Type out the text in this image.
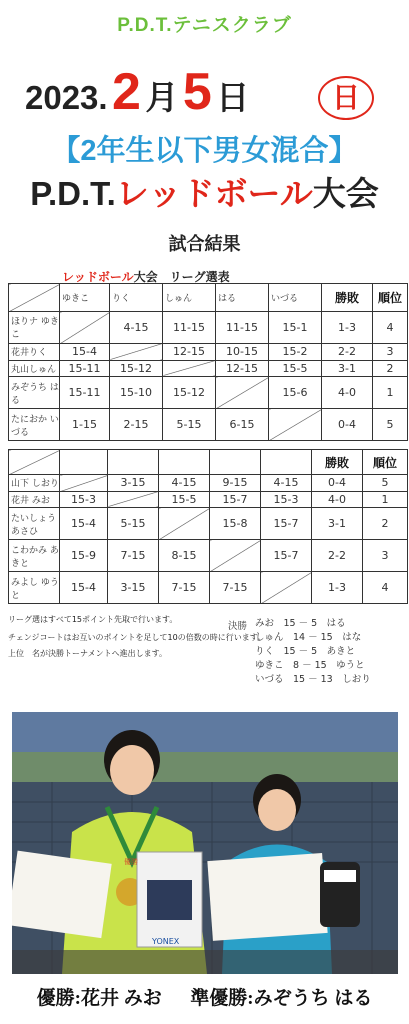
P.D.T.テニスクラブ
2023. 2 月 5 日	日
【2年生以下男女混合】
P.D.T.レッドボール大会
試合結果
レッドボール大会　リーグ選表
	ゆきこ	りく	しゅん	はる	いづる	勝敗	順位
ほりナ ゆきこ		4-15	11-15	11-15	15-1	1-3	4
花井りく	15-4		12-15	10-15	15-2	2-2	3
丸山しゅん	15-11	15-12		12-15	15-5	3-1	2
みぞうち はる	15-11	15-10	15-12		15-6	4-0	1
たにおか いづる	1-15	2-15	5-15	6-15		0-4	5
						勝敗	順位
山下 しおり		3-15	4-15	9-15	4-15	0-4	5
花井 みお	15-3		15-5	15-7	15-3	4-0	1
たいしょうあさひ	15-4	5-15		15-8	15-7	3-1	2
こわかみ あきと	15-9	7-15	8-15		15-7	2-2	3
みよし ゆうと	15-4	3-15	7-15	7-15		1-3	4
リーグ選はすべて15ポイント先取で行います。
チェンジコートはお互いのポイントを足して10の倍数の時に行います。
上位　名が決勝トーナメントへ進出します。
決勝 みお　15 － 5　はる
しゅん　14 － 15　はな
りく　15 － 5　あきと
ゆきこ　8 － 15　ゆうと
いづる　15 － 13　しおり
YONEX
優勝
優勝:花井 みお　  準優勝:みぞうち はる
